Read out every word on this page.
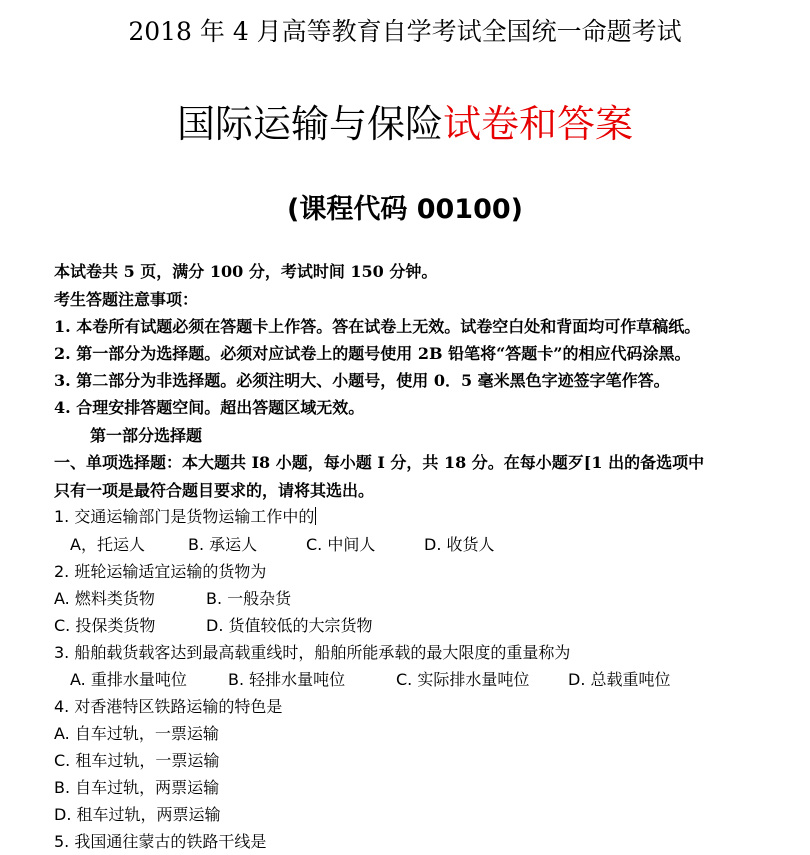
2018 年 4 月高等教育自学考试全国统一命题考试
国际运输与保险试卷和答案
(课程代码 00100)
本试卷共 5 页，满分 100 分，考试时间 150 分钟。
考生答题注意事项：
1. 本卷所有试题必须在答题卡上作答。答在试卷上无效。试卷空白处和背面均可作草稿纸。
2. 第一部分为选择题。必须对应试卷上的题号使用 2B 铅笔将“答题卡”的相应代码涂黑。
3. 第二部分为非选择题。必须注明大、小题号，使用 0．5 毫米黑色字迹签字笔作答。
4. 合理安排答题空间。超出答题区域无效。
第一部分选择题
一、单项选择题：本大题共 I8 小题，每小题 I 分，共 18 分。在每小题歹[1 出的备选项中
只有一项是最符合题目要求的，请将其选出。
1. 交通运输部门是货物运输工作中的
A，托运人	B. 承运人	C. 中间人	D. 收货人
2. 班轮运输适宜运输的货物为
A. 燃料类货物	B. 一般杂货
C. 投保类货物	D. 货值较低的大宗货物
3. 船舶载货载客达到最高载重线时，船舶所能承载的最大限度的重量称为
A. 重排水量吨位	B. 轻排水量吨位	C. 实际排水量吨位 D. 总载重吨位
4. 对香港特区铁路运输的特色是
A. 自车过轨，一票运输
C. 租车过轨，一票运输
B. 自车过轨，两票运输
D. 租车过轨，两票运输
5. 我国通往蒙古的铁路干线是
